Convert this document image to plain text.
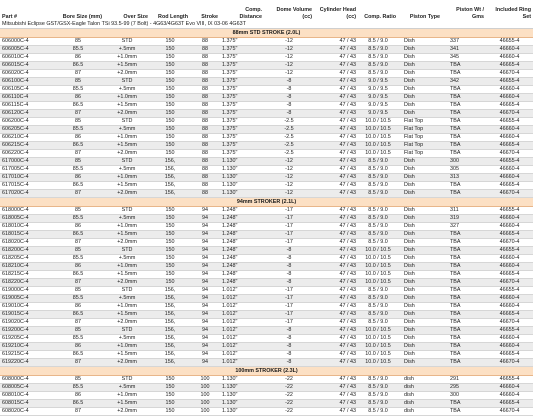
Part #	Bore Size (mm)	Over Size	Rod Length	Stroke	Comp. Distance	Dome Volume (cc)	Cylinder Head (cc)	Comp. Ratio	Piston Type	Piston Wt / Gms	Included Ring Set
Mitsubishi Eclipse GST/GSX-Eagle Talon TSi 93.5-99 (7 Bolt) - 4G63/4G63T Evo VIII, IX 03-06 4G63T											
88mm STD STROKE (2.0L)											
606000C-4	85	STD	150	88	1.375"	-12	47 / 43	8.5 / 9.0	Dish	337	46655-4
606005C-4	85.5	+.5mm	150	88	1.375"	-12	47 / 43	8.5 / 9.0	Dish	341	46660-4
606010C-4	86	+1.0mm	150	88	1.375"	-12	47 / 43	8.5 / 9.0	Dish	345	46660-4
606015C-4	86.5	+1.5mm	150	88	1.375"	-12	47 / 43	8.5 / 9.0	Dish	TBA	46665-4
606020C-4	87	+2.0mm	150	88	1.375"	-12	47 / 43	8.5 / 9.0	Dish	TBA	46670-4
606100C-4	85	STD	150	88	1.375"	-8	47 / 43	9.0 / 9.5	Dish	342	46655-4
606105C-4	85.5	+.5mm	150	88	1.375"	-8	47 / 43	9.0 / 9.5	Dish	TBA	46660-4
606110C-4	86	+1.0mm	150	88	1.375"	-8	47 / 43	9.0 / 9.5	Dish	TBA	46660-4
606115C-4	86.5	+1.5mm	150	88	1.375"	-8	47 / 43	9.0 / 9.5	Dish	TBA	46665-4
606120C-4	87	+2.0mm	150	88	1.375"	-8	47 / 43	9.0 / 9.5	Dish	TBA	46670-4
606200C-4	85	STD	150	88	1.375"	-2.5	47 / 43	10.0 / 10.5	Flat Top	TBA	46655-4
606205C-4	85.5	+.5mm	150	88	1.375"	-2.5	47 / 43	10.0 / 10.5	Flat Top	TBA	46660-4
606210C-4	86	+1.0mm	150	88	1.375"	-2.5	47 / 43	10.0 / 10.5	Flat Top	TBA	46660-4
606215C-4	86.5	+1.5mm	150	88	1.375"	-2.5	47 / 43	10.0 / 10.5	Flat Top	TBA	46665-4
606220C-4	87	+2.0mm	150	88	1.375"	-2.5	47 / 43	10.0 / 10.5	Flat Top	TBA	46670-4
617000C-4	85	STD	156,	88	1.130"	-12	47 / 43	8.5 / 9.0	Dish	300	46655-4
617005C-4	85.5	+.5mm	156,	88	1.130"	-12	47 / 43	8.5 / 9.0	Dish	305	46660-4
617010C-4	86	+1.0mm	156,	88	1.130"	-12	47 / 43	8.5 / 9.0	Dish	313	46660-4
617015C-4	86.5	+1.5mm	156,	88	1.130"	-12	47 / 43	8.5 / 9.0	Dish	TBA	46665-4
617020C-4	87	+2.0mm	156,	88	1.130"	-12	47 / 43	8.5 / 9.0	Dish	TBA	46670-4
94mm STROKER (2.1L)											
618000C-4	85	STD	150	94	1.248"	-17	47 / 43	8.5 / 9.0	Dish	311	46655-4
618005C-4	85.5	+.5mm	150	94	1.248"	-17	47 / 43	8.5 / 9.0	Dish	319	46660-4
618010C-4	86	+1.0mm	150	94	1.248"	-17	47 / 43	8.5 / 9.0	Dish	327	46660-4
618015C-4	86.5	+1.5mm	150	94	1.248"	-17	47 / 43	8.5 / 9.0	Dish	TBA	46665-4
618020C-4	87	+2.0mm	150	94	1.248"	-17	47 / 43	8.5 / 9.0	Dish	TBA	46670-4
618200C-4	85	STD	150	94	1.248"	-8	47 / 43	10.0 / 10.5	Dish	TBA	46655-4
618205C-4	85.5	+.5mm	150	94	1.248"	-8	47 / 43	10.0 / 10.5	Dish	TBA	46660-4
618210C-4	86	+1.0mm	150	94	1.248"	-8	47 / 43	10.0 / 10.5	Dish	TBA	46660-4
618215C-4	86.5	+1.5mm	150	94	1.248"	-8	47 / 43	10.0 / 10.5	Dish	TBA	46665-4
618220C-4	87	+2.0mm	150	94	1.248"	-8	47 / 43	10.0 / 10.5	Dish	TBA	46670-4
619000C-4	85	STD	156,	94	1.012"	-17	47 / 43	8.5 / 9.0	Dish	TBA	46655-4
619005C-4	85.5	+.5mm	156,	94	1.012"	-17	47 / 43	8.5 / 9.0	Dish	TBA	46660-4
619010C-4	86	+1.0mm	156,	94	1.012"	-17	47 / 43	8.5 / 9.0	Dish	TBA	46660-4
619015C-4	86.5	+1.5mm	156,	94	1.012"	-17	47 / 43	8.5 / 9.0	Dish	TBA	46665-4
619020C-4	87	+2.0mm	156,	94	1.012"	-17	47 / 43	8.5 / 9.0	Dish	TBA	46670-4
619200C-4	85	STD	156,	94	1.012"	-8	47 / 43	10.0 / 10.5	Dish	TBA	46655-4
619205C-4	85.5	+.5mm	156,	94	1.012"	-8	47 / 43	10.0 / 10.5	Dish	TBA	46660-4
619210C-4	86	+1.0mm	156,	94	1.012"	-8	47 / 43	10.0 / 10.5	Dish	TBA	46660-4
619215C-4	86.5	+1.5mm	156,	94	1.012"	-8	47 / 43	10.0 / 10.5	Dish	TBA	46665-4
619220C-4	87	+2.0mm	156,	94	1.012"	-8	47 / 43	10.0 / 10.5	Dish	TBA	46670-4
100mm STROKER (2.3L)											
608000C-4	85	STD	150	100	1.130"	-22	47 / 43	8.5 / 9.0	dish	291	46655-4
608005C-4	85.5	+.5mm	150	100	1.130"	-22	47 / 43	8.5 / 9.0	dish	295	46660-4
608010C-4	86	+1.0mm	150	100	1.130"	-22	47 / 43	8.5 / 9.0	dish	300	46660-4
608015C-4	86.5	+1.5mm	150	100	1.130"	-22	47 / 43	8.5 / 9.0	dish	TBA	46665-4
608020C-4	87	+2.0mm	150	100	1.130"	-22	47 / 43	8.5 / 9.0	dish	TBA	46670-4
